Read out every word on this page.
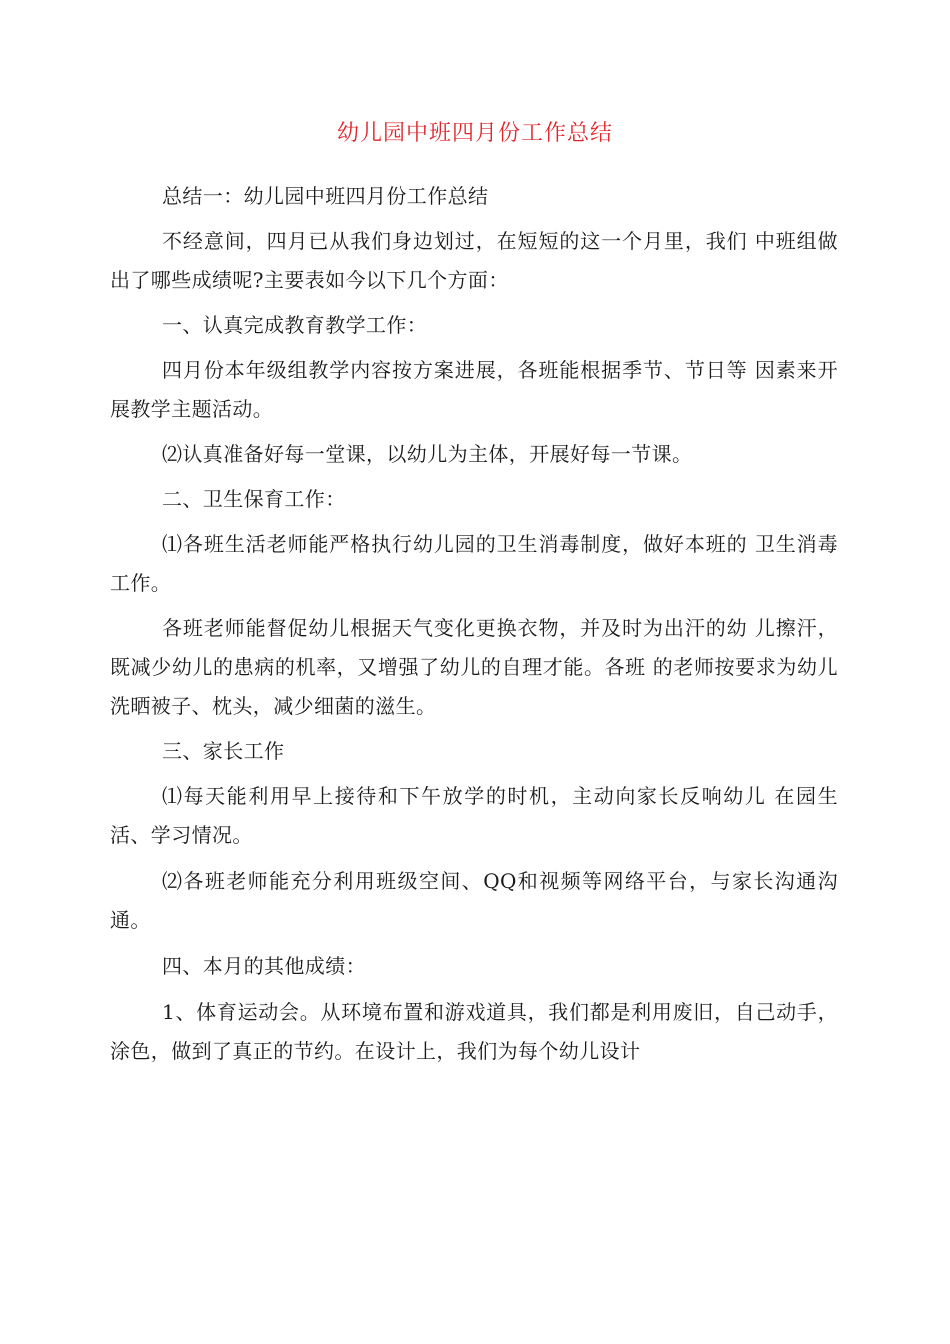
幼儿园中班四月份工作总结

总结一：幼儿园中班四月份工作总结

不经意间，四月已从我们身边划过，在短短的这一个月里，我们 中班组做出了哪些成绩呢?主要表如今以下几个方面：

一、认真完成教育教学工作：

四月份本年级组教学内容按方案进展，各班能根据季节、节日等 因素来开展教学主题活动。

⑵认真准备好每一堂课，以幼儿为主体，开展好每一节课。

二、卫生保育工作：

⑴各班生活老师能严格执行幼儿园的卫生消毒制度，做好本班的 卫生消毒工作。

各班老师能督促幼儿根据天气变化更换衣物，并及时为出汗的幼 儿擦汗，既减少幼儿的患病的机率，又增强了幼儿的自理才能。各班 的老师按要求为幼儿洗晒被子、枕头，减少细菌的滋生。

三、家长工作

⑴每天能利用早上接待和下午放学的时机，主动向家长反响幼儿 在园生活、学习情况。

⑵各班老师能充分利用班级空间、QQ和视频等网络平台，与家长沟通沟通。

四、本月的其他成绩：

1、体育运动会。从环境布置和游戏道具，我们都是利用废旧，自己动手，涂色，做到了真正的节约。在设计上，我们为每个幼儿设计
